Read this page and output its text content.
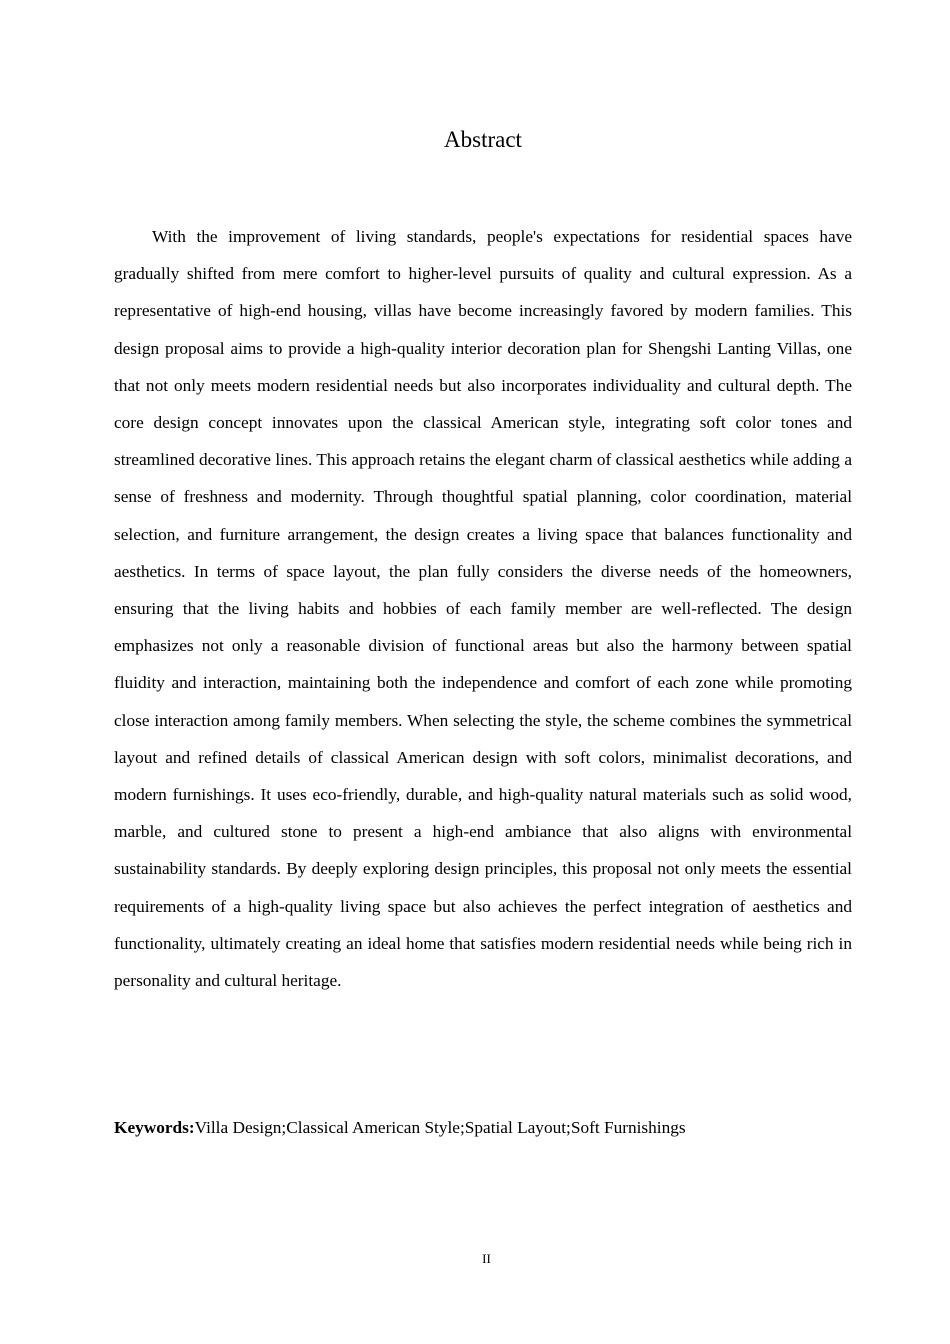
Abstract

With the improvement of living standards, people's expectations for residential spaces have gradually shifted from mere comfort to higher-level pursuits of quality and cultural expression. As a representative of high-end housing, villas have become increasingly favored by modern families. This design proposal aims to provide a high-quality interior decoration plan for Shengshi Lanting Villas, one that not only meets modern residential needs but also incorporates individuality and cultural depth. The core design concept innovates upon the classical American style, integrating soft color tones and streamlined decorative lines. This approach retains the elegant charm of classical aesthetics while adding a sense of freshness and modernity. Through thoughtful spatial planning, color coordination, material selection, and furniture arrangement, the design creates a living space that balances functionality and aesthetics. In terms of space layout, the plan fully considers the diverse needs of the homeowners, ensuring that the living habits and hobbies of each family member are well-reflected. The design emphasizes not only a reasonable division of functional areas but also the harmony between spatial fluidity and interaction, maintaining both the independence and comfort of each zone while promoting close interaction among family members. When selecting the style, the scheme combines the symmetrical layout and refined details of classical American design with soft colors, minimalist decorations, and modern furnishings. It uses eco-friendly, durable, and high-quality natural materials such as solid wood, marble, and cultured stone to present a high-end ambiance that also aligns with environmental sustainability standards. By deeply exploring design principles, this proposal not only meets the essential requirements of a high-quality living space but also achieves the perfect integration of aesthetics and functionality, ultimately creating an ideal home that satisfies modern residential needs while being rich in personality and cultural heritage.

Keywords:Villa Design;Classical American Style;Spatial Layout;Soft Furnishings

II
